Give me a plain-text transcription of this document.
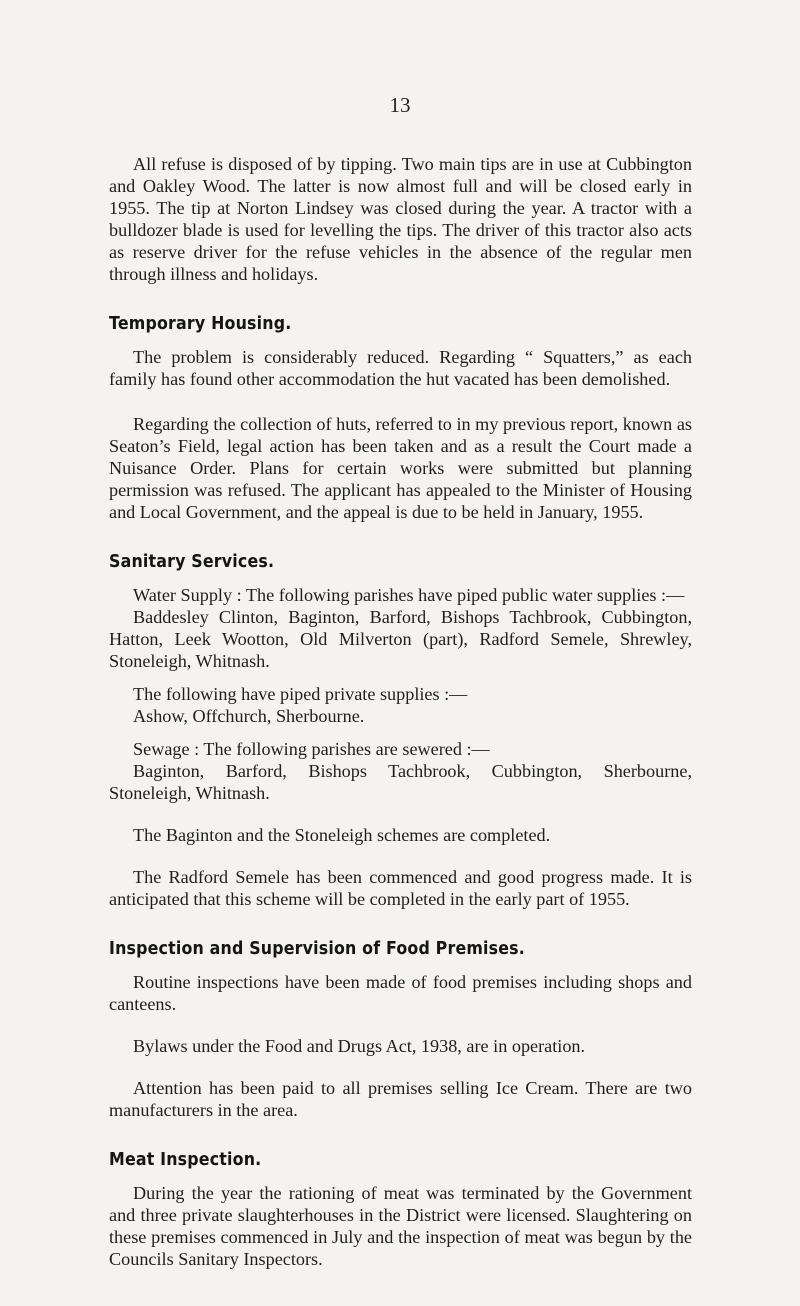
13

All refuse is disposed of by tipping. Two main tips are in use at Cubbington and Oakley Wood. The latter is now almost full and will be closed early in 1955. The tip at Norton Lindsey was closed during the year. A tractor with a bulldozer blade is used for levelling the tips. The driver of this tractor also acts as reserve driver for the refuse vehicles in the absence of the regular men through illness and holidays.

Temporary Housing.

The problem is considerably reduced. Regarding “ Squatters,” as each family has found other accommodation the hut vacated has been demolished.

Regarding the collection of huts, referred to in my previous report, known as Seaton’s Field, legal action has been taken and as a result the Court made a Nuisance Order. Plans for certain works were submitted but planning permission was refused. The applicant has appealed to the Minister of Housing and Local Government, and the appeal is due to be held in January, 1955.

Sanitary Services.

Water Supply : The following parishes have piped public water supplies :—

Baddesley Clinton, Baginton, Barford, Bishops Tachbrook, Cubbington, Hatton, Leek Wootton, Old Milverton (part), Radford Semele, Shrewley, Stoneleigh, Whitnash.

The following have piped private supplies :—

Ashow, Offchurch, Sherbourne.

Sewage : The following parishes are sewered :—

Baginton, Barford, Bishops Tachbrook, Cubbington, Sherbourne, Stoneleigh, Whitnash.

The Baginton and the Stoneleigh schemes are completed.

The Radford Semele has been commenced and good progress made. It is anticipated that this scheme will be completed in the early part of 1955.

Inspection and Supervision of Food Premises.

Routine inspections have been made of food premises including shops and canteens.

Bylaws under the Food and Drugs Act, 1938, are in operation.

Attention has been paid to all premises selling Ice Cream. There are two manufacturers in the area.

Meat Inspection.

During the year the rationing of meat was terminated by the Government and three private slaughterhouses in the District were licensed. Slaughtering on these premises commenced in July and the inspection of meat was begun by the Councils Sanitary Inspectors.
